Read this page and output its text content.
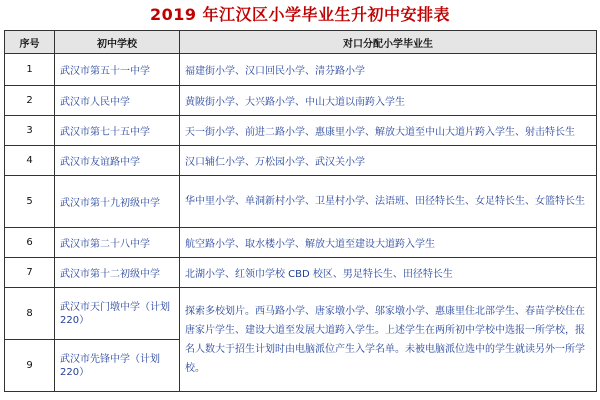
2019 年江汉区小学毕业生升初中安排表
序号	初中学校	对口分配小学毕业生
1	武汉市第五十一中学	福建街小学、汉口回民小学、清芬路小学
2	武汉市人民中学	黄陂街小学、大兴路小学、中山大道以南跨入学生
3	武汉市第七十五中学	天一街小学、前进二路小学、惠康里小学、解放大道至中山大道片跨入学生、射击特长生
4	武汉市友谊路中学	汉口辅仁小学、万松园小学、武汉关小学
5	武汉市第十九初级中学	华中里小学、单洞新村小学、卫星村小学、法语班、田径特长生、女足特长生、女篮特长生
6	武汉市第二十八中学	航空路小学、取水楼小学、解放大道至建设大道跨入学生
7	武汉市第十二初级中学	北湖小学、红领巾学校 CBD 校区、男足特长生、田径特长生
8	武汉市天门墩中学（计划220）	探索多校划片。西马路小学、唐家墩小学、邬家墩小学、惠康里住北部学生、春苗学校住在唐家片学生、建设大道至发展大道跨入学生。上述学生在两所初中学校中选报一所学校，报名人数大于招生计划时由电脑派位产生入学名单。未被电脑派位选中的学生就读另外一所学校。
9	武汉市先锋中学（计划220）	
